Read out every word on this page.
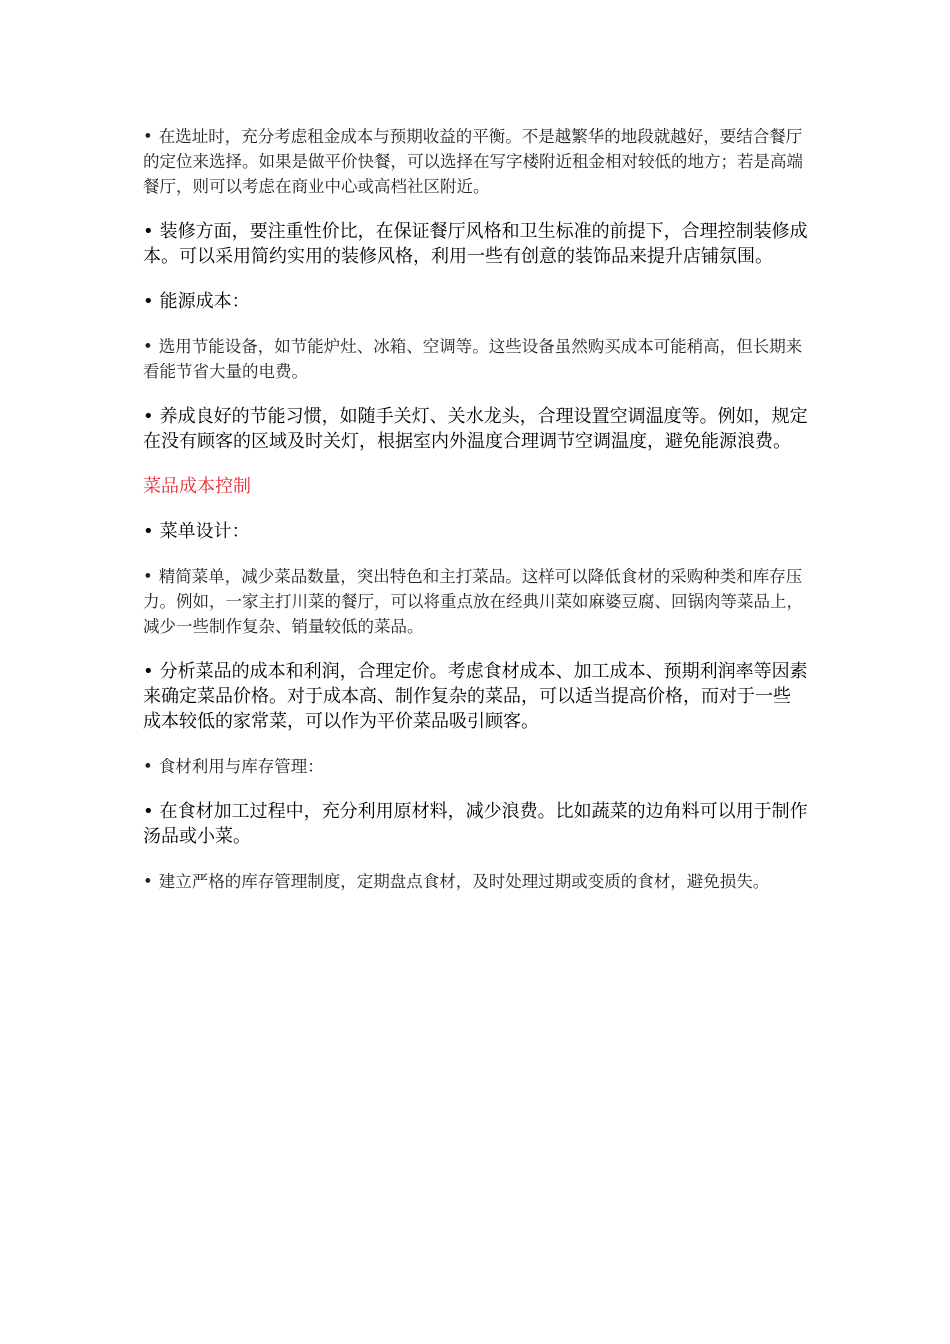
• 在选址时，充分考虑租金成本与预期收益的平衡。不是越繁华的地段就越好，要结合餐厅的定位来选择。如果是做平价快餐，可以选择在写字楼附近租金相对较低的地方；若是高端餐厅，则可以考虑在商业中心或高档社区附近。

• 装修方面，要注重性价比，在保证餐厅风格和卫生标准的前提下，合理控制装修成本。可以采用简约实用的装修风格，利用一些有创意的装饰品来提升店铺氛围。

• 能源成本：

• 选用节能设备，如节能炉灶、冰箱、空调等。这些设备虽然购买成本可能稍高，但长期来看能节省大量的电费。

• 养成良好的节能习惯，如随手关灯、关水龙头，合理设置空调温度等。例如，规定在没有顾客的区域及时关灯，根据室内外温度合理调节空调温度，避免能源浪费。

菜品成本控制

• 菜单设计：

• 精简菜单，减少菜品数量，突出特色和主打菜品。这样可以降低食材的采购种类和库存压力。例如，一家主打川菜的餐厅，可以将重点放在经典川菜如麻婆豆腐、回锅肉等菜品上，减少一些制作复杂、销量较低的菜品。

• 分析菜品的成本和利润，合理定价。考虑食材成本、加工成本、预期利润率等因素来确定菜品价格。对于成本高、制作复杂的菜品，可以适当提高价格，而对于一些成本较低的家常菜，可以作为平价菜品吸引顾客。

• 食材利用与库存管理：

• 在食材加工过程中，充分利用原材料，减少浪费。比如蔬菜的边角料可以用于制作汤品或小菜。

• 建立严格的库存管理制度，定期盘点食材，及时处理过期或变质的食材，避免损失。
